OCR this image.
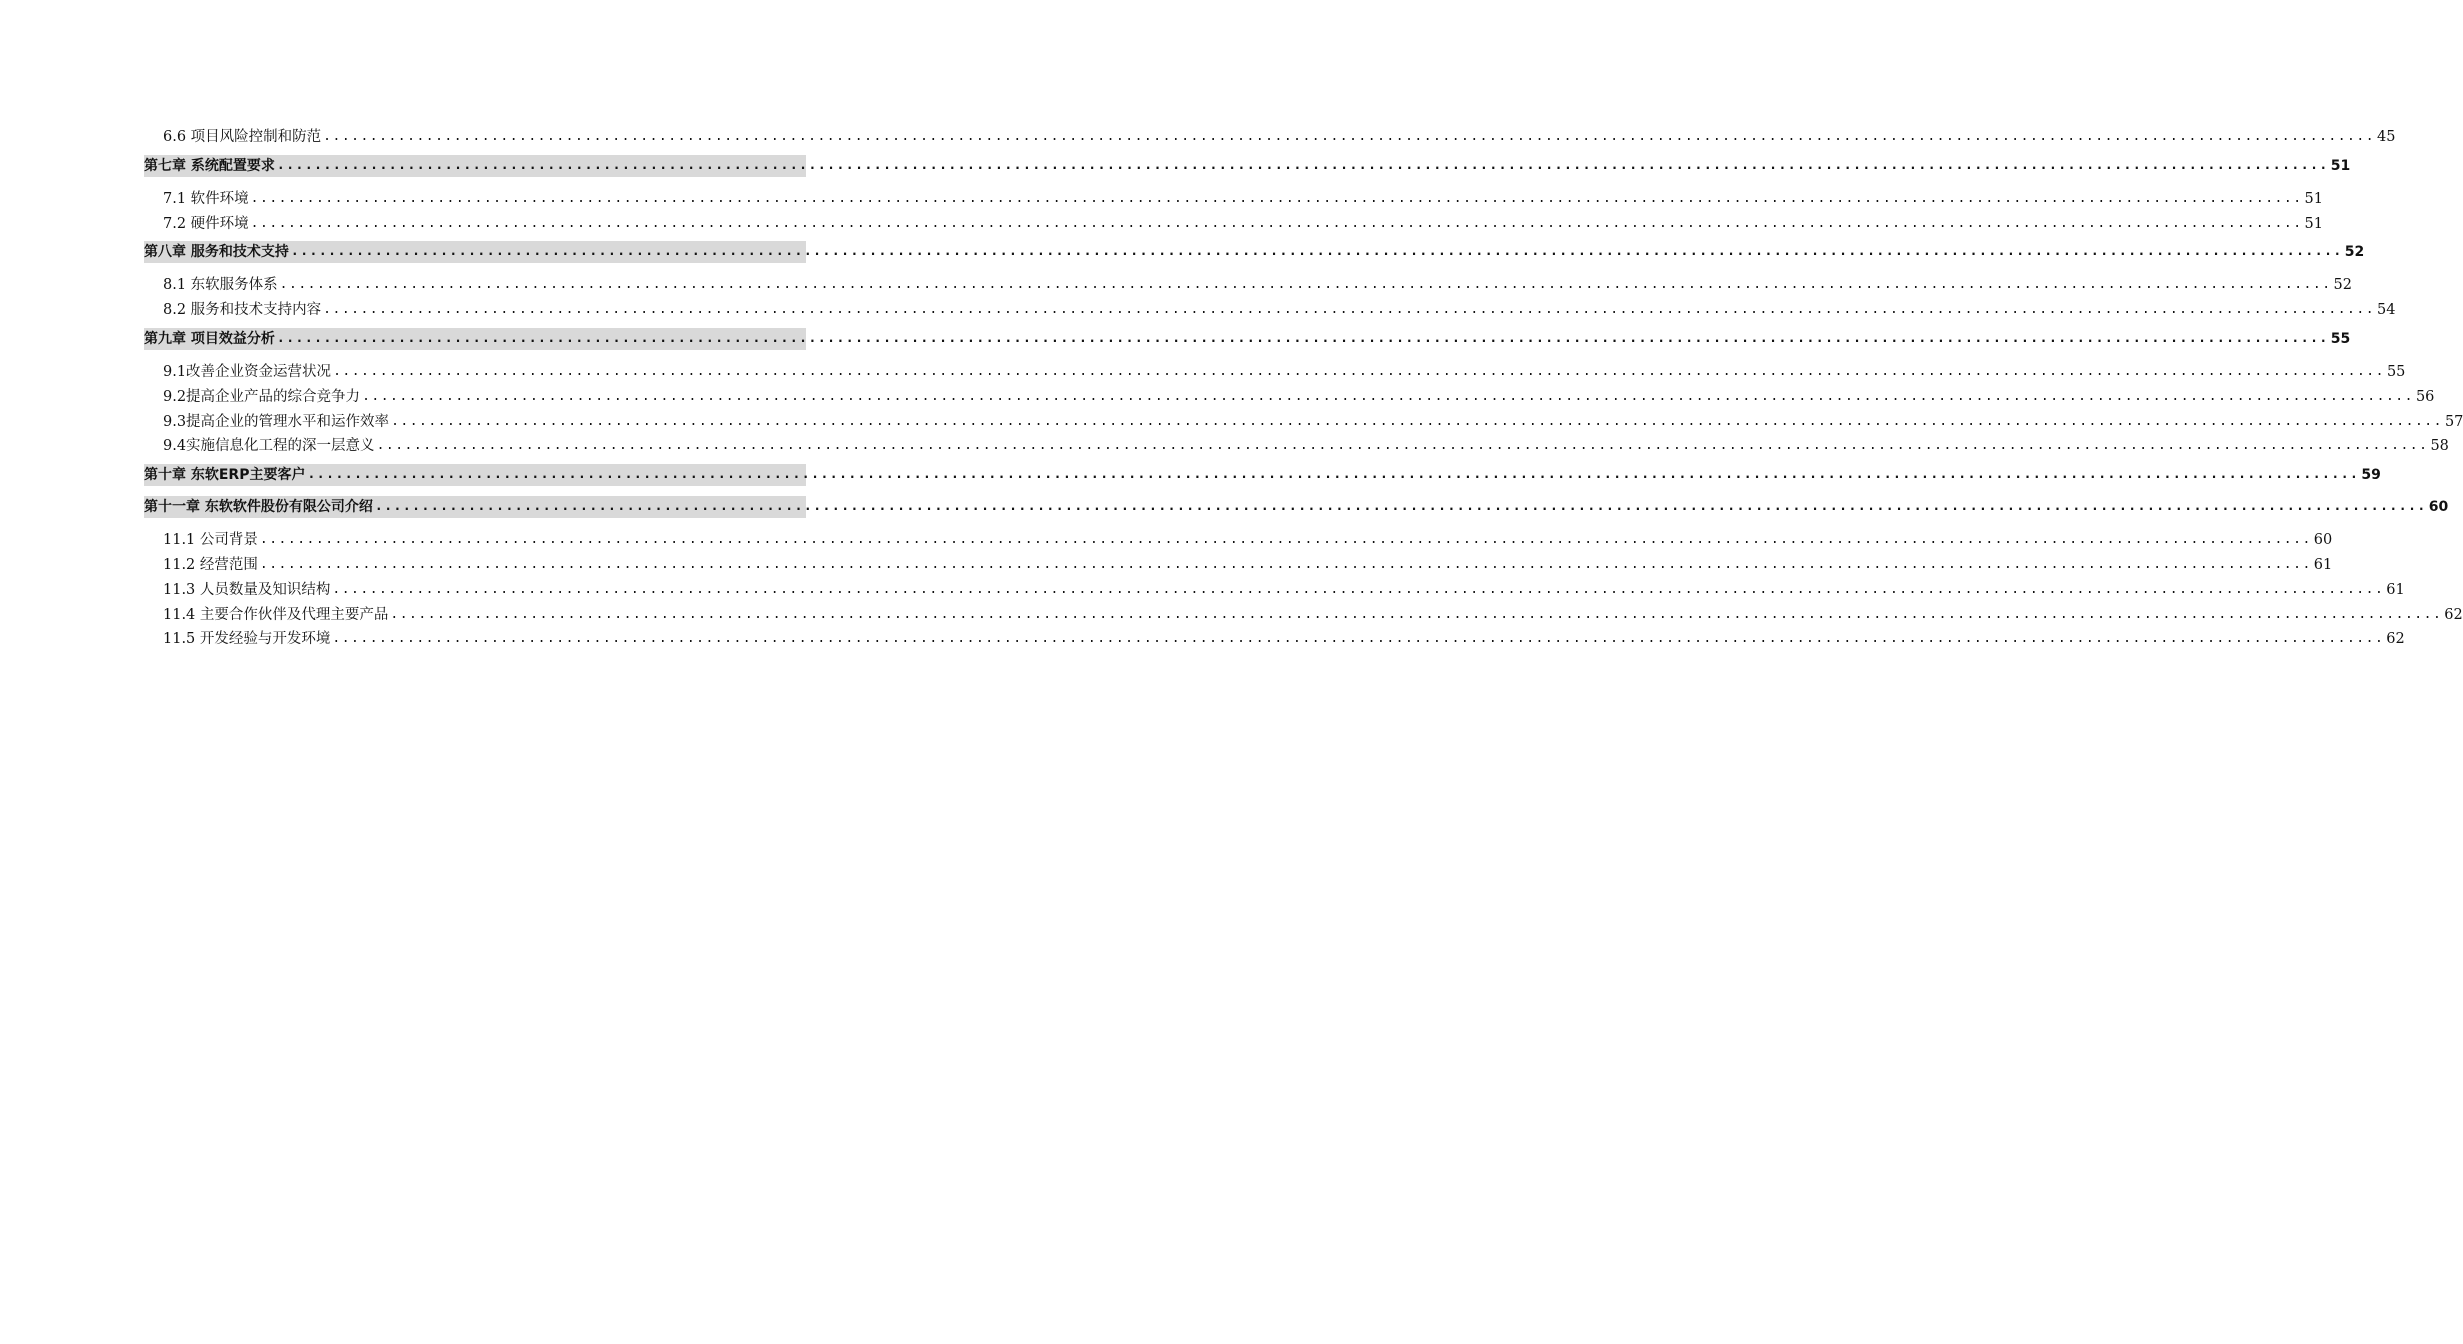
6.6 项目风险控制和防范 ............................................................................................................................................................................................................................ 45
第七章 系统配置要求 ............................................................................................................................................................................................................................ 51
7.1 软件环境 ............................................................................................................................................................................................................................ 51
7.2 硬件环境 ............................................................................................................................................................................................................................ 51
第八章 服务和技术支持 ............................................................................................................................................................................................................................ 52
8.1 东软服务体系 ............................................................................................................................................................................................................................ 52
8.2 服务和技术支持内容 ............................................................................................................................................................................................................................ 54
第九章 项目效益分析 ............................................................................................................................................................................................................................ 55
9.1改善企业资金运营状况 ............................................................................................................................................................................................................................ 55
9.2提高企业产品的综合竞争力 ............................................................................................................................................................................................................................ 56
9.3提高企业的管理水平和运作效率 ............................................................................................................................................................................................................................ 57
9.4实施信息化工程的深一层意义 ............................................................................................................................................................................................................................ 58
第十章 东软ERP主要客户 ............................................................................................................................................................................................................................ 59
第十一章 东软软件股份有限公司介绍 ............................................................................................................................................................................................................................ 60
11.1 公司背景 ............................................................................................................................................................................................................................ 60
11.2 经营范围 ............................................................................................................................................................................................................................ 61
11.3 人员数量及知识结构 ............................................................................................................................................................................................................................ 61
11.4 主要合作伙伴及代理主要产品 ............................................................................................................................................................................................................................ 62
11.5 开发经验与开发环境 ............................................................................................................................................................................................................................ 62
